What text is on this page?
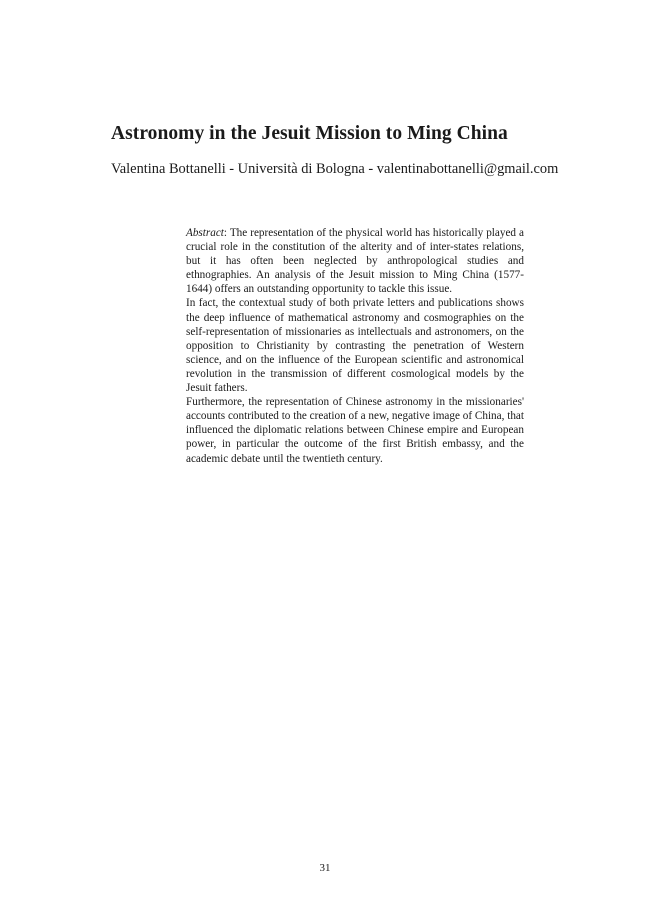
Astronomy in the Jesuit Mission to Ming China

Valentina Bottanelli - Università di Bologna - valentinabottanelli@gmail.com

Abstract: The representation of the physical world has historically played a crucial role in the constitution of the alterity and of inter-states relations, but it has often been neglected by anthropological studies and ethnographies. An analysis of the Jesuit mission to Ming China (1577-1644) offers an outstanding opportunity to tackle this issue.

In fact, the contextual study of both private letters and publications shows the deep influence of mathematical astronomy and cosmographies on the self-representation of missionaries as intellectuals and astronomers, on the opposition to Christianity by contrasting the penetration of Western science, and on the influence of the European scientific and astronomical revolution in the transmission of different cosmological models by the Jesuit fathers.

Furthermore, the representation of Chinese astronomy in the missionaries' accounts contributed to the creation of a new, negative image of China, that influenced the diplomatic relations between Chinese empire and European power, in particular the outcome of the first British embassy, and the academic debate until the twentieth century.

31
